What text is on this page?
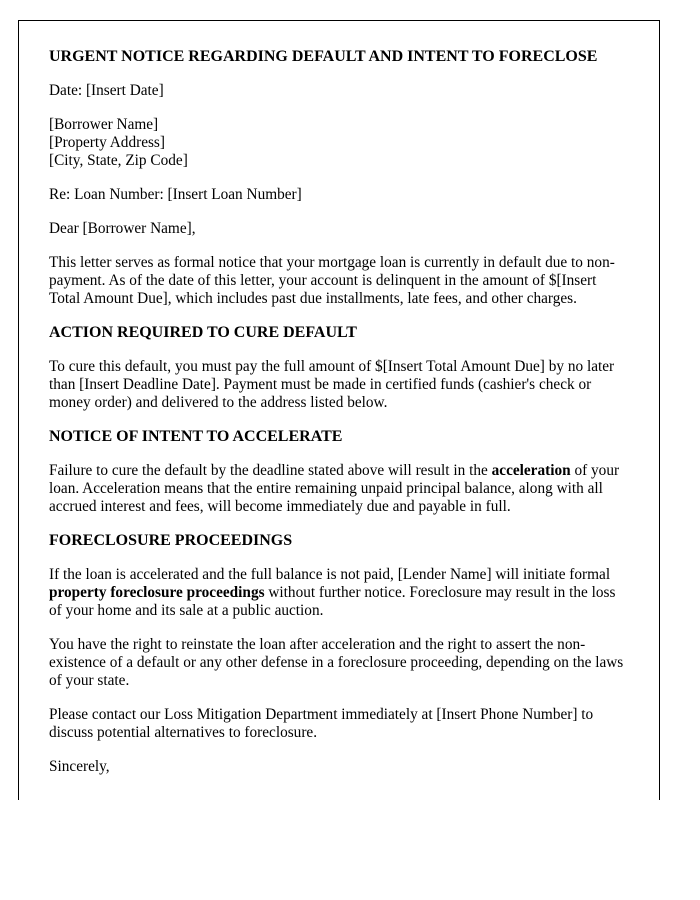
URGENT NOTICE REGARDING DEFAULT AND INTENT TO FORECLOSE
Date: [Insert Date]
[Borrower Name]
[Property Address]
[City, State, Zip Code]
Re: Loan Number: [Insert Loan Number]
Dear [Borrower Name],
This letter serves as formal notice that your mortgage loan is currently in default due to non-payment. As of the date of this letter, your account is delinquent in the amount of $[Insert Total Amount Due], which includes past due installments, late fees, and other charges.
ACTION REQUIRED TO CURE DEFAULT
To cure this default, you must pay the full amount of $[Insert Total Amount Due] by no later than [Insert Deadline Date]. Payment must be made in certified funds (cashier's check or money order) and delivered to the address listed below.
NOTICE OF INTENT TO ACCELERATE
Failure to cure the default by the deadline stated above will result in the acceleration of your loan. Acceleration means that the entire remaining unpaid principal balance, along with all accrued interest and fees, will become immediately due and payable in full.
FORECLOSURE PROCEEDINGS
If the loan is accelerated and the full balance is not paid, [Lender Name] will initiate formal property foreclosure proceedings without further notice. Foreclosure may result in the loss of your home and its sale at a public auction.
You have the right to reinstate the loan after acceleration and the right to assert the non-existence of a default or any other defense in a foreclosure proceeding, depending on the laws of your state.
Please contact our Loss Mitigation Department immediately at [Insert Phone Number] to discuss potential alternatives to foreclosure.
Sincerely,
